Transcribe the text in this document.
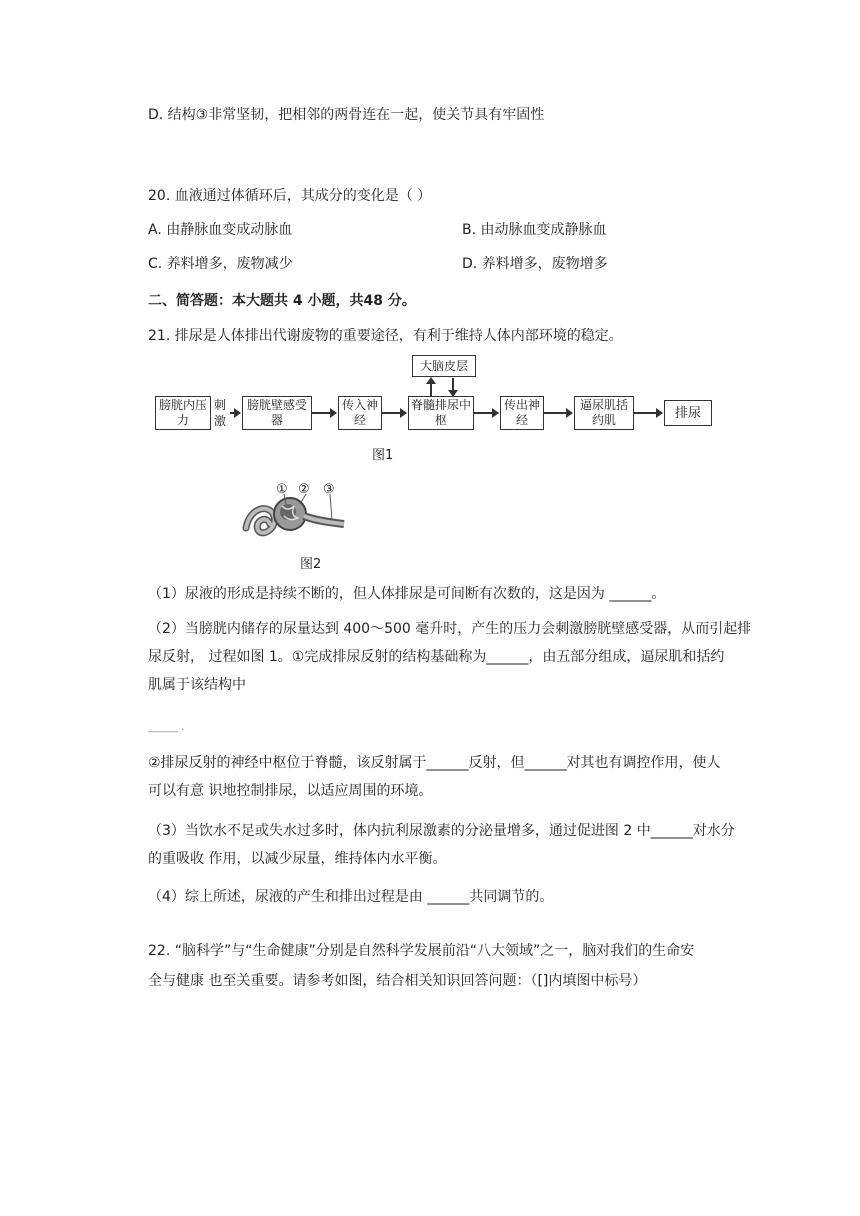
D. 结构③非常坚韧，把相邻的两骨连在一起，使关节具有牢固性
20. 血液通过体循环后，其成分的变化是（ ）
A. 由静脉血变成动脉血	B. 由动脉血变成静脉血
C. 养料增多，废物减少	D. 养料增多，废物增多
二、简答题：本大题共 4 小题，共48 分。
21. 排尿是人体排出代谢废物的重要途径，有利于维持人体内部环境的稳定。
大脑皮层
膀胱内压力
刺激
膀胱壁感受器
传入神经
脊髓排尿中枢
传出神经
逼尿肌括约肌	排尿
图1
① ② ③
图2
（1）尿液的形成是持续不断的，但人体排尿是可间断有次数的，这是因为 ______。
（2）当膀胱内储存的尿量达到 400～500 毫升时，产生的压力会刺激膀胱壁感受器，从而引起排
尿反射， 过程如图 1。①完成排尿反射的结构基础称为______，由五部分组成，逼尿肌和括约
肌属于该结构中
______ .
②排尿反射的神经中枢位于脊髓，该反射属于______反射，但______对其也有调控作用，使人
可以有意 识地控制排尿，以适应周围的环境。
（3）当饮水不足或失水过多时，体内抗利尿激素的分泌量增多，通过促进图 2 中______对水分
的重吸收 作用，以减少尿量，维持体内水平衡。
（4）综上所述，尿液的产生和排出过程是由 ______共同调节的。
22. “脑科学”与“生命健康”分别是自然科学发展前沿“八大领域”之一，脑对我们的生命安
全与健康 也至关重要。请参考如图，结合相关知识回答问题：（[]内填图中标号）
